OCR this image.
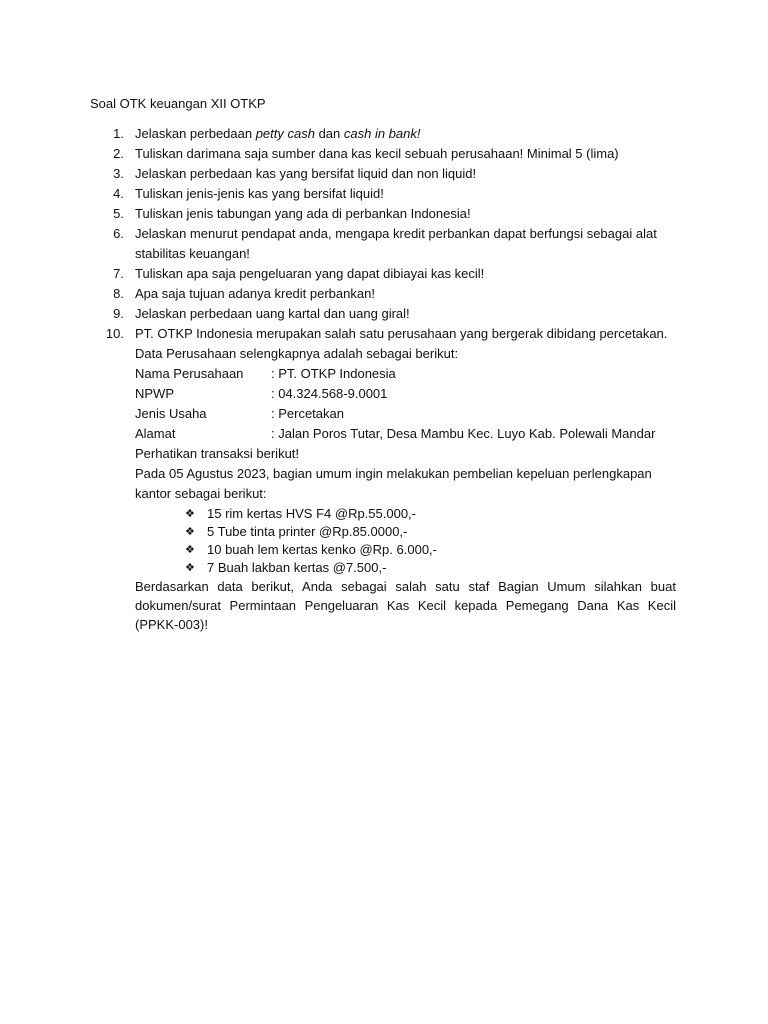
Soal OTK keuangan XII OTKP
1. Jelaskan perbedaan petty cash dan cash in bank!
2. Tuliskan darimana saja sumber dana kas kecil sebuah perusahaan! Minimal 5 (lima)
3. Jelaskan perbedaan kas yang bersifat liquid dan non liquid!
4. Tuliskan jenis-jenis kas yang bersifat liquid!
5. Tuliskan jenis tabungan yang ada di perbankan Indonesia!
6. Jelaskan menurut pendapat anda, mengapa kredit perbankan dapat berfungsi sebagai alat stabilitas keuangan!
7. Tuliskan apa saja pengeluaran yang dapat dibiayai kas kecil!
8. Apa saja tujuan adanya kredit perbankan!
9. Jelaskan perbedaan uang kartal dan uang giral!
10. PT. OTKP Indonesia merupakan salah satu perusahaan yang bergerak dibidang percetakan. Data Perusahaan selengkapnya adalah sebagai berikut:
Nama Perusahaan : PT. OTKP Indonesia
NPWP	: 04.324.568-9.0001
Jenis Usaha	: Percetakan
Alamat	: Jalan Poros Tutar, Desa Mambu Kec. Luyo Kab. Polewali Mandar
Perhatikan transaksi berikut!
Pada 05 Agustus 2023, bagian umum ingin melakukan pembelian kepeluan perlengkapan kantor sebagai berikut:
❖ 15 rim kertas HVS F4 @Rp.55.000,-
❖ 5 Tube tinta printer @Rp.85.0000,-
❖ 10 buah lem kertas kenko @Rp. 6.000,-
❖ 7 Buah lakban kertas @7.500,-
Berdasarkan data berikut, Anda sebagai salah satu staf Bagian Umum silahkan buat dokumen/surat Permintaan Pengeluaran Kas Kecil kepada Pemegang Dana Kas Kecil (PPKK-003)!
